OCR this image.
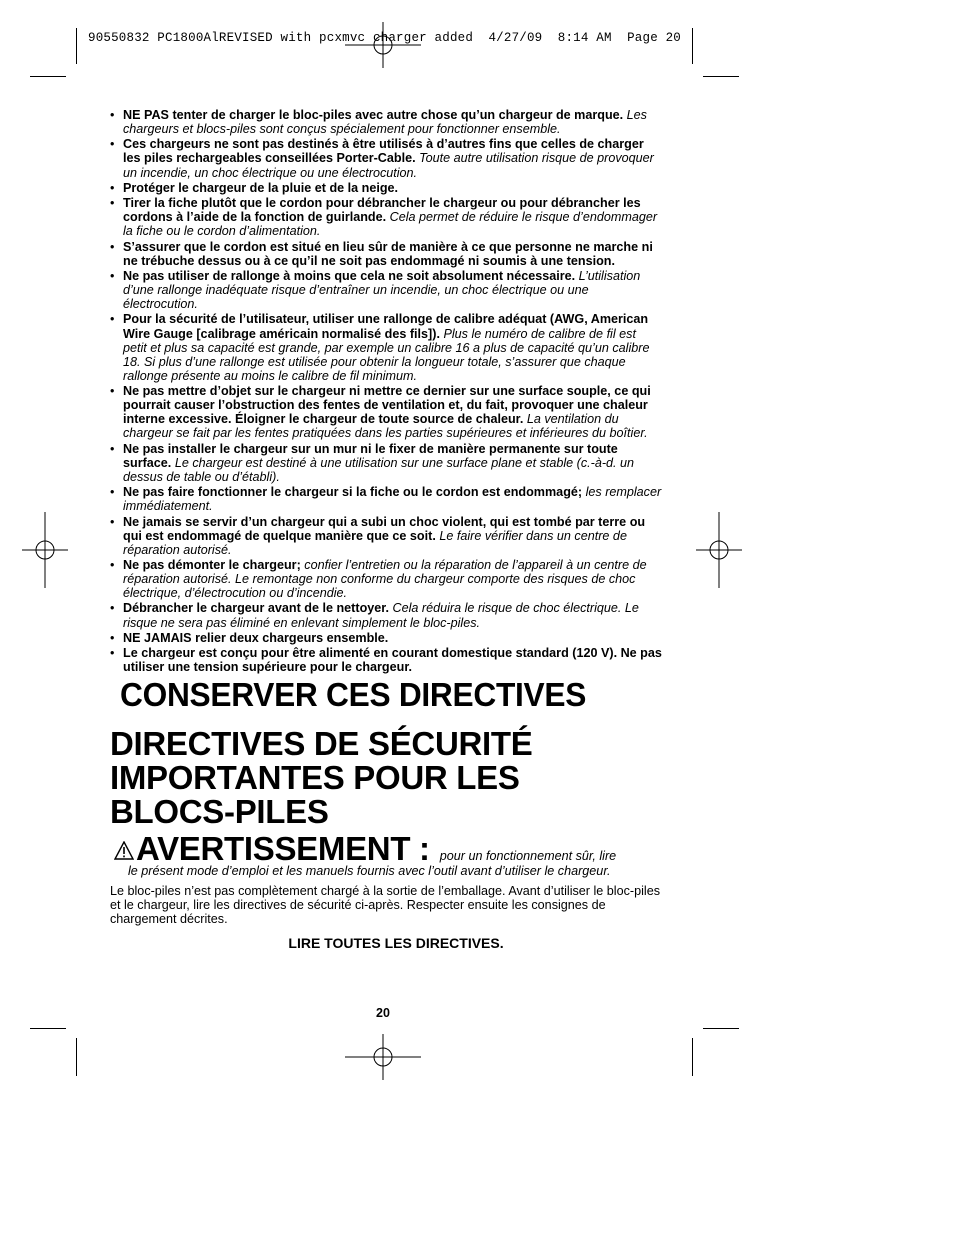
90550832 PC1800AlREVISED with pcxmvc charger added  4/27/09  8:14 AM  Page 20
• NE PAS tenter de charger le bloc-piles avec autre chose qu’un chargeur de marque. Les chargeurs et blocs-piles sont conçus spécialement pour fonctionner ensemble.
• Ces chargeurs ne sont pas destinés à être utilisés à d’autres fins que celles de charger les piles rechargeables conseillées Porter-Cable. Toute autre utilisation risque de provoquer un incendie, un choc électrique ou une électrocution.
• Protéger le chargeur de la pluie et de la neige.
• Tirer la fiche plutôt que le cordon pour débrancher le chargeur ou pour débrancher les cordons à l’aide de la fonction de guirlande. Cela permet de réduire le risque d’endommager la fiche ou le cordon d’alimentation.
• S’assurer que le cordon est situé en lieu sûr de manière à ce que personne ne marche ni ne trébuche dessus ou à ce qu’il ne soit pas endommagé ni soumis à une tension.
• Ne pas utiliser de rallonge à moins que cela ne soit absolument nécessaire. L’utilisation d’une rallonge inadéquate risque d’entraîner un incendie, un choc électrique ou une électrocution.
• Pour la sécurité de l’utilisateur, utiliser une rallonge de calibre adéquat (AWG, American Wire Gauge [calibrage américain normalisé des fils]). Plus le numéro de calibre de fil est petit et plus sa capacité est grande, par exemple un calibre 16 a plus de capacité qu’un calibre 18. Si plus d’une rallonge est utilisée pour obtenir la longueur totale, s’assurer que chaque rallonge présente au moins le calibre de fil minimum.
• Ne pas mettre d’objet sur le chargeur ni mettre ce dernier sur une surface souple, ce qui pourrait causer l’obstruction des fentes de ventilation et, du fait, provoquer une chaleur interne excessive. Éloigner le chargeur de toute source de chaleur. La ventilation du chargeur se fait par les fentes pratiquées dans les parties supérieures et inférieures du boîtier.
• Ne pas installer le chargeur sur un mur ni le fixer de manière permanente sur toute surface. Le chargeur est destiné à une utilisation sur une surface plane et stable (c.-à-d. un dessus de table ou d’établi).
• Ne pas faire fonctionner le chargeur si la fiche ou le cordon est endommagé; les remplacer immédiatement.
• Ne jamais se servir d’un chargeur qui a subi un choc violent, qui est tombé par terre ou qui est endommagé de quelque manière que ce soit. Le faire vérifier dans un centre de réparation autorisé.
• Ne pas démonter le chargeur; confier l’entretien ou la réparation de l’appareil à un centre de réparation autorisé. Le remontage non conforme du chargeur comporte des risques de choc électrique, d’électrocution ou d’incendie.
• Débrancher le chargeur avant de le nettoyer. Cela réduira le risque de choc électrique. Le risque ne sera pas éliminé en enlevant simplement le bloc-piles.
• NE JAMAIS relier deux chargeurs ensemble.
• Le chargeur est conçu pour être alimenté en courant domestique standard (120 V). Ne pas utiliser une tension supérieure pour le chargeur.
CONSERVER CES DIRECTIVES
DIRECTIVES DE SÉCURITÉ
IMPORTANTES POUR LES
BLOCS-PILES
AVERTISSEMENT : pour un fonctionnement sûr, lire
le présent mode d’emploi et les manuels fournis avec l’outil avant d’utiliser le chargeur.
Le bloc-piles n’est pas complètement chargé à la sortie de l’emballage. Avant d’utiliser le bloc-piles et le chargeur, lire les directives de sécurité ci-après. Respecter ensuite les consignes de chargement décrites.
LIRE TOUTES LES DIRECTIVES.
20
